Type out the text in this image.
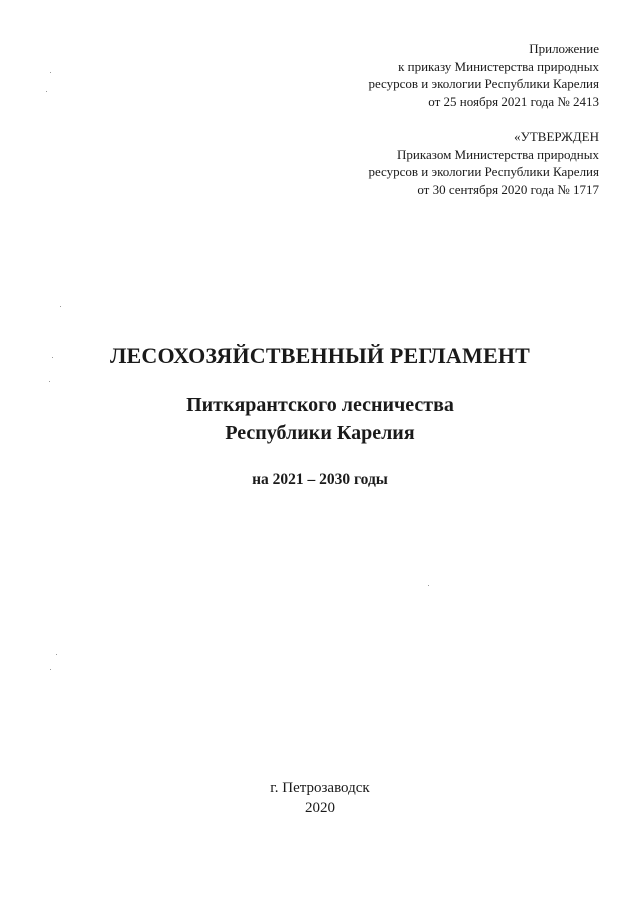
Приложение
к приказу Министерства природных
ресурсов и экологии Республики Карелия
от 25 ноября 2021 года № 2413
«УТВЕРЖДЕН
Приказом Министерства природных
ресурсов и экологии Республики Карелия
от 30 сентября 2020 года № 1717
ЛЕСОХОЗЯЙСТВЕННЫЙ РЕГЛАМЕНТ
Питкярантского лесничества
Республики Карелия
на 2021 – 2030 годы
г. Петрозаводск
2020
